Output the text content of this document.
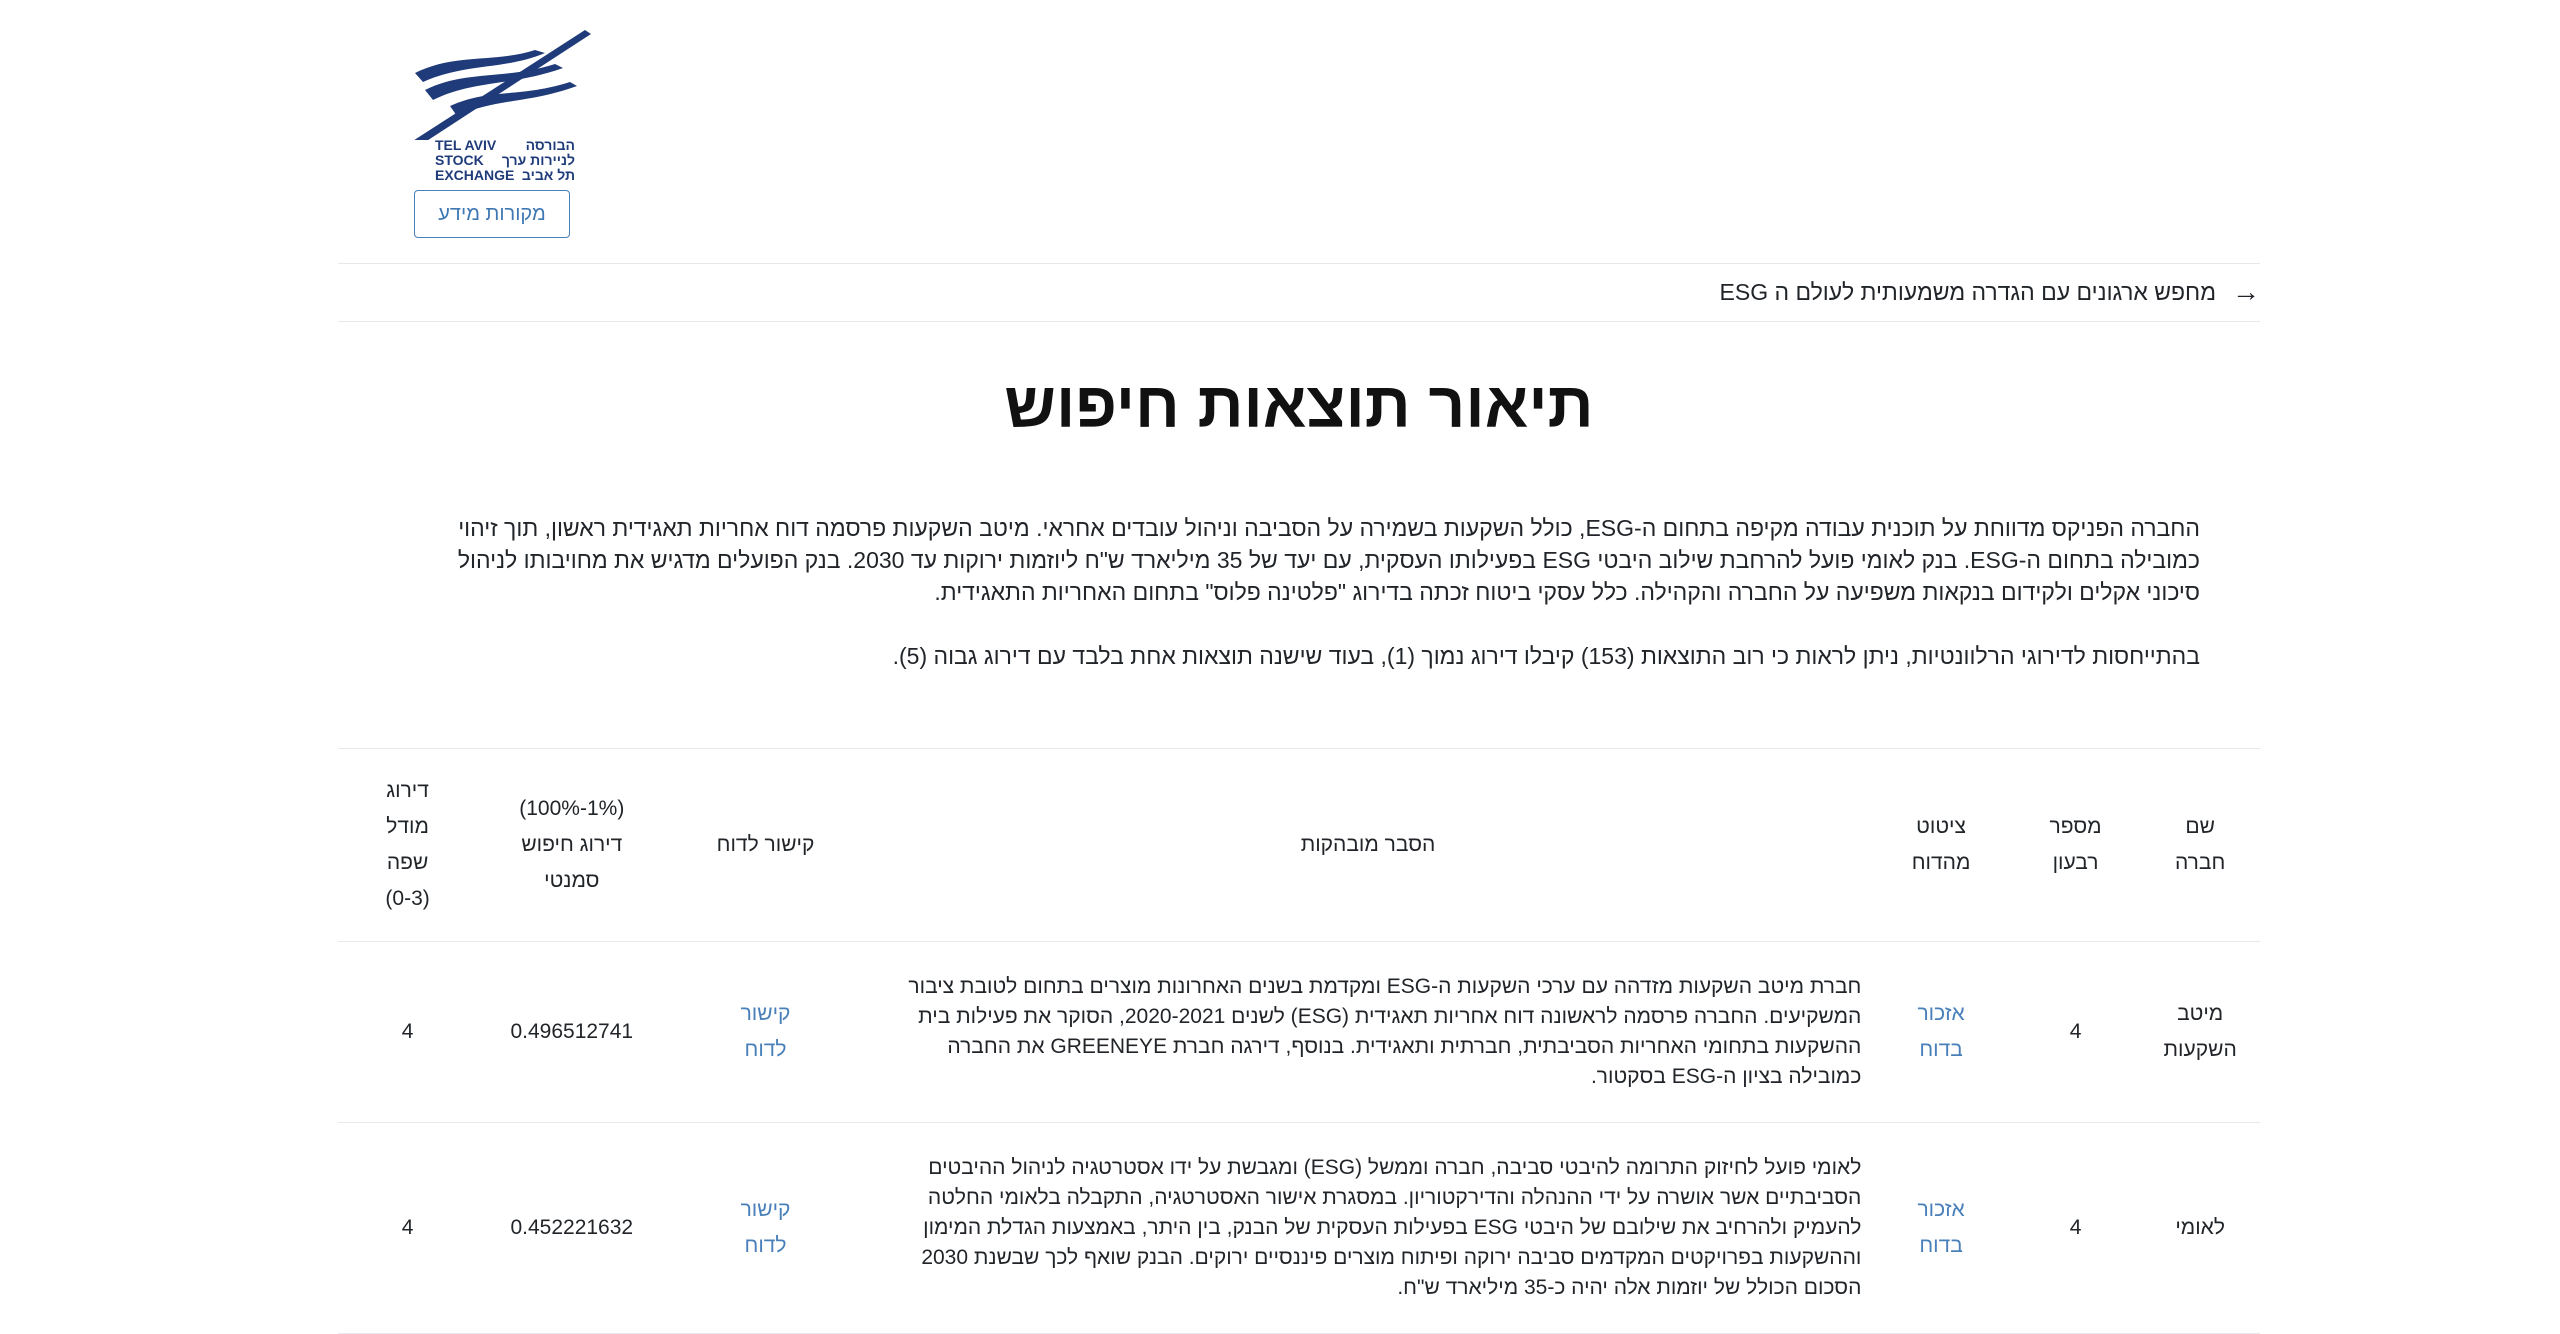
TEL AVIV הבורסה
STOCK לניירות ערך
EXCHANGE תל אביב
מקורות מידע
→
מחפש ארגונים עם הגדרה משמעותית לעולם ה ESG
תיאור תוצאות חיפוש

החברה הפניקס מדווחת על תוכנית עבודה מקיפה בתחום ה-ESG, כולל השקעות בשמירה על הסביבה וניהול עובדים אחראי. מיטב השקעות פרסמה דוח אחריות תאגידית ראשון, תוך זיהוי כמובילה בתחום ה-ESG. בנק לאומי פועל להרחבת שילוב היבטי ESG בפעילותו העסקית, עם יעד של 35 מיליארד ש"ח ליוזמות ירוקות עד 2030. בנק הפועלים מדגיש את מחויבותו לניהול סיכוני אקלים ולקידום בנקאות משפיעה על החברה והקהילה. כלל עסקי ביטוח זכתה בדירוג "פלטינה פלוס" בתחום האחריות התאגידית.

בהתייחסות לדירוגי הרלוונטיות, ניתן לראות כי רוב התוצאות (153) קיבלו דירוג נמוך (1), בעוד שישנה תוצאות אחת בלבד עם דירוג גבוה (5).

שם חברה	מספר רבעון	ציטוט מהדוח	הסבר מובהקות	קישור לדוח	(1%-100%) דירוג חיפוש סמנטי	דירוג מודל שפה (0-3)
מיטב השקעות	4	אזכור בדוח	חברת מיטב השקעות מזדהה עם ערכי השקעות ה-ESG ומקדמת בשנים האחרונות מוצרים בתחום לטובת ציבור המשקיעים. החברה פרסמה לראשונה דוח אחריות תאגידית (ESG) לשנים 2020-2021, הסוקר את פעילות בית ההשקעות בתחומי האחריות הסביבתית, חברתית ותאגידית. בנוסף, דירגה חברת GREENEYE את החברה כמובילה בציון ה-ESG בסקטור.	קישור לדוח	0.496512741	4
לאומי	4	אזכור בדוח	לאומי פועל לחיזוק התרומה להיבטי סביבה, חברה וממשל (ESG) ומגבשת על ידו אסטרטגיה לניהול ההיבטים הסביבתיים אשר אושרה על ידי ההנהלה והדירקטוריון. במסגרת אישור האסטרטגיה, התקבלה בלאומי החלטה להעמיק ולהרחיב את שילובם של היבטי ESG בפעילות העסקית של הבנק, בין היתר, באמצעות הגדלת המימון וההשקעות בפרויקטים המקדמים סביבה ירוקה ופיתוח מוצרים פיננסיים ירוקים. הבנק שואף לכך שבשנת 2030 הסכום הכולל של יוזמות אלה יהיה כ-35 מיליארד ש"ח.	קישור לדוח	0.452221632	4
